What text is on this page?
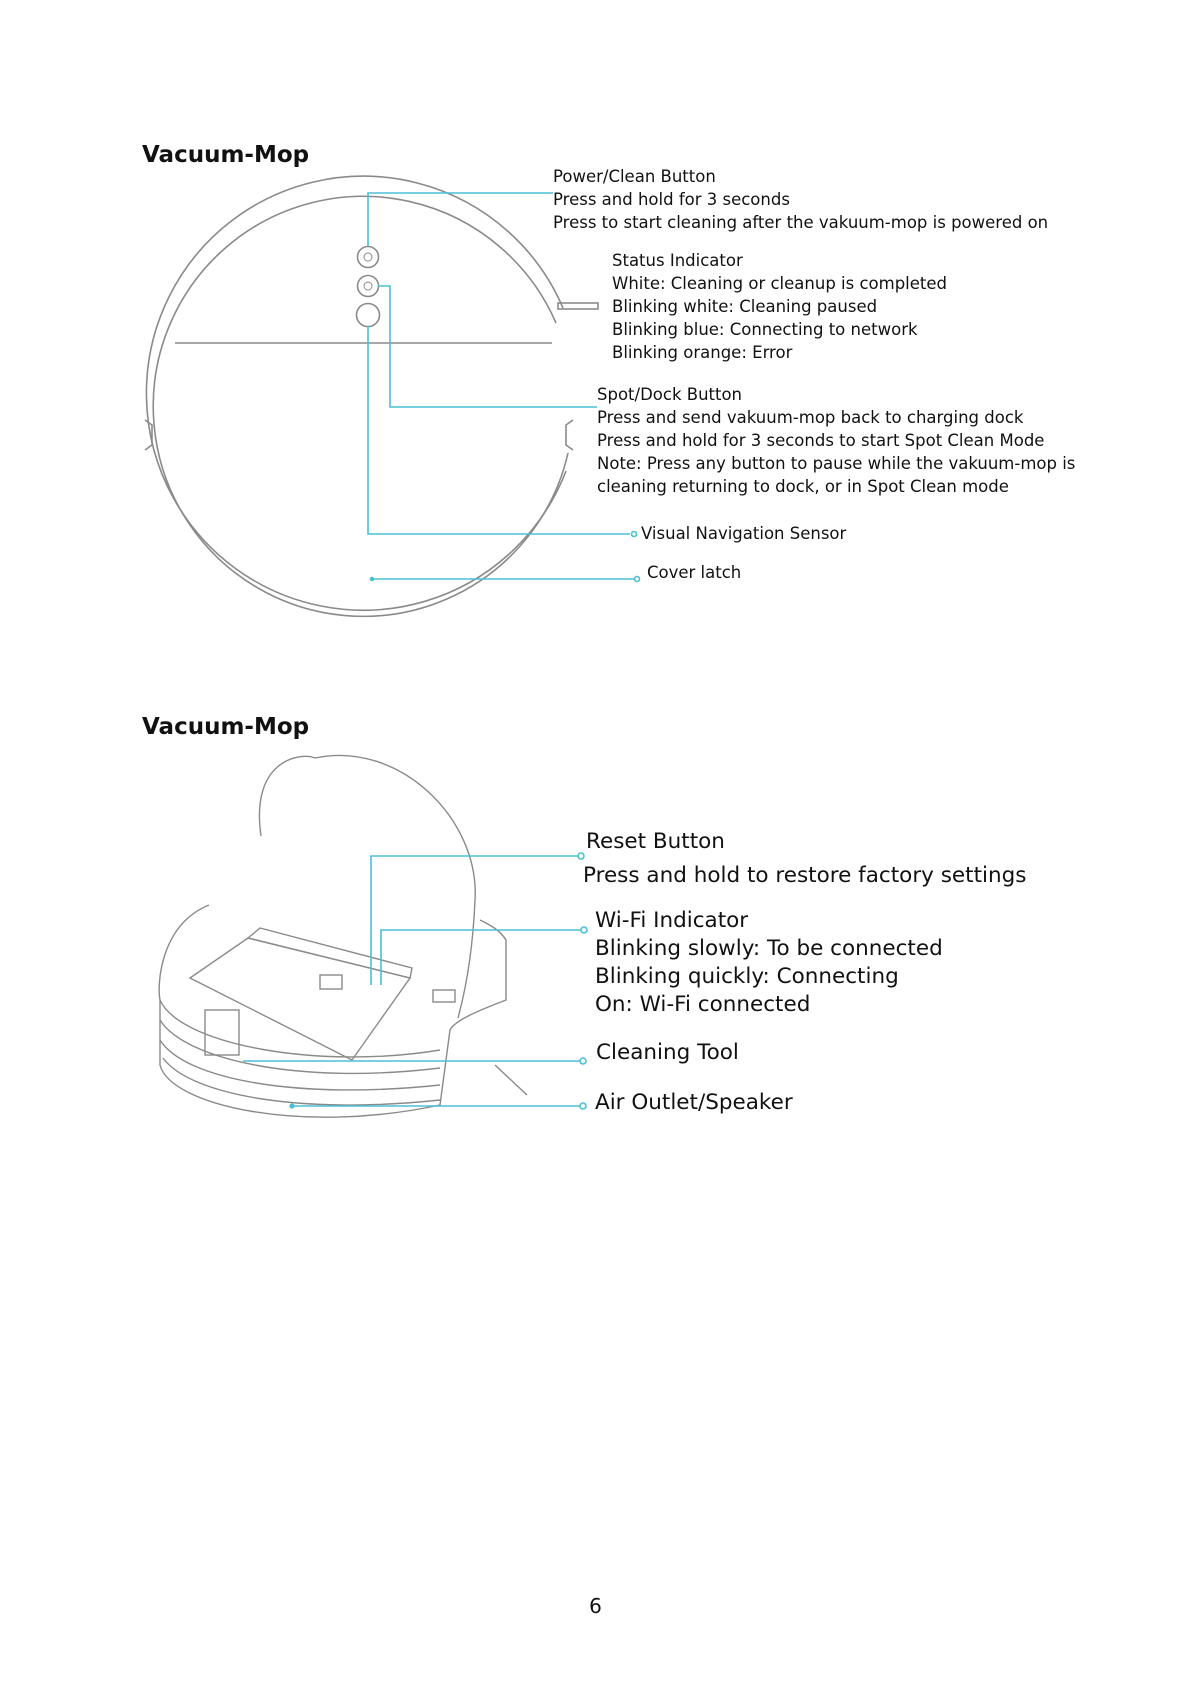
Vacuum-Mop
Vacuum-Mop
Power/Clean Button
Press and hold for 3 seconds
Press to start cleaning after the vakuum-mop is powered on
Status Indicator
White: Cleaning or cleanup is completed
Blinking white: Cleaning paused
Blinking blue: Connecting to network
Blinking orange: Error
Spot/Dock Button
Press and send vakuum-mop back to charging dock
Press and hold for 3 seconds to start Spot Clean Mode
Note: Press any button to pause while the vakuum-mop is
cleaning returning to dock, or in Spot Clean mode
Visual Navigation Sensor
Cover latch
Reset Button
Press and hold to restore factory settings
Wi-Fi Indicator
Blinking slowly: To be connected
Blinking quickly: Connecting
On: Wi-Fi connected
Cleaning Tool
Air Outlet/Speaker
6
